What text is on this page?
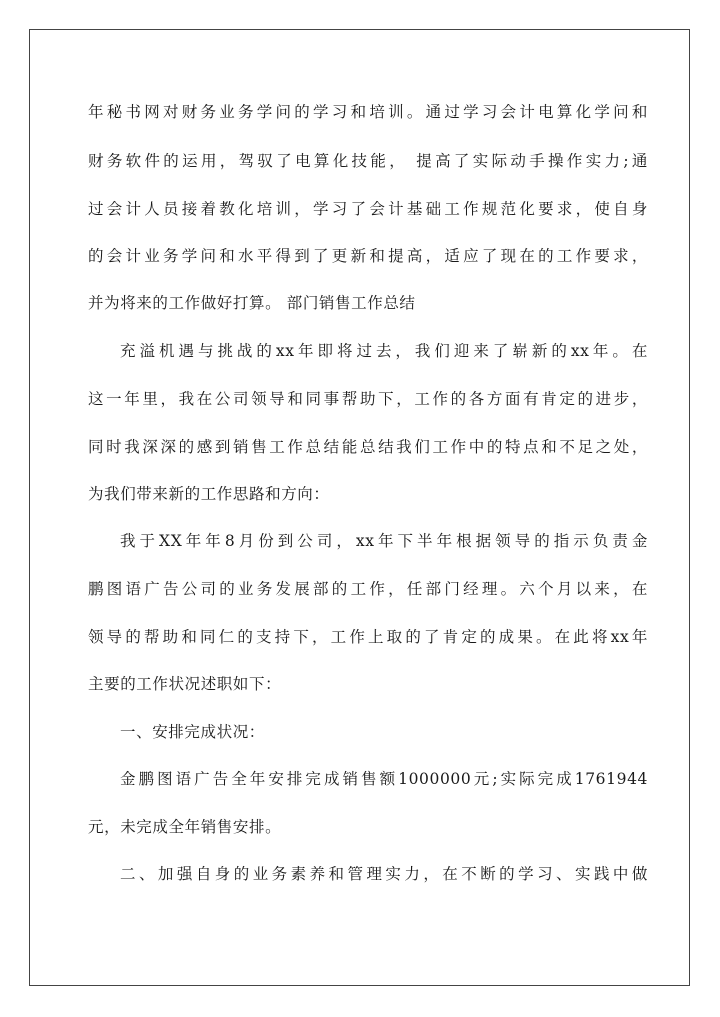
年秘书网对财务业务学问的学习和培训。通过学习会计电算化学问和
财务软件的运用，驾驭了电算化技能， 提高了实际动手操作实力;通
过会计人员接着教化培训，学习了会计基础工作规范化要求，使自身
的会计业务学问和水平得到了更新和提高，适应了现在的工作要求，
并为将来的工作做好打算。 部门销售工作总结
充溢机遇与挑战的xx年即将过去，我们迎来了崭新的xx年。在
这一年里，我在公司领导和同事帮助下，工作的各方面有肯定的进步，
同时我深深的感到销售工作总结能总结我们工作中的特点和不足之处，
为我们带来新的工作思路和方向：
我于XX年年8月份到公司，xx年下半年根据领导的指示负责金
鹏图语广告公司的业务发展部的工作，任部门经理。六个月以来，在
领导的帮助和同仁的支持下，工作上取的了肯定的成果。在此将xx年
主要的工作状况述职如下：
一、安排完成状况：
金鹏图语广告全年安排完成销售额1000000元;实际完成1761944
元，未完成全年销售安排。
二、加强自身的业务素养和管理实力，在不断的学习、实践中做
